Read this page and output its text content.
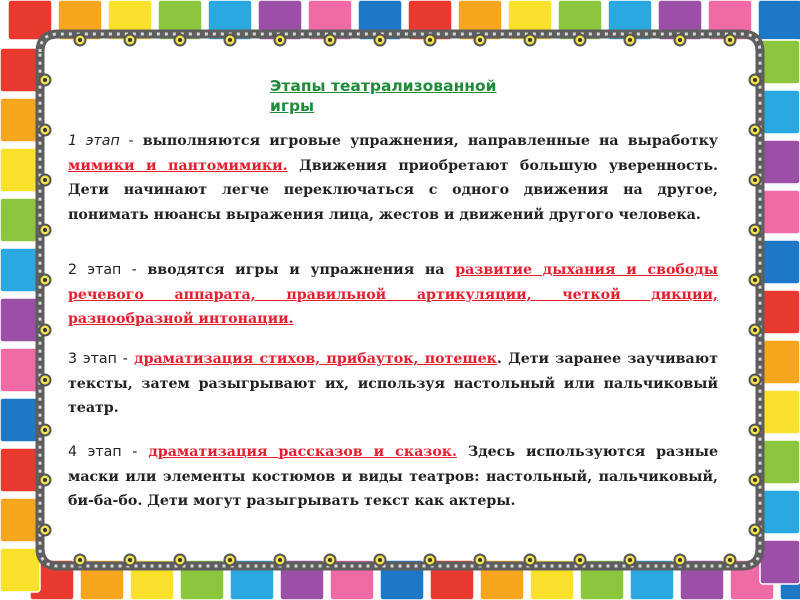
Этапы театрализованной игры

1 этап - выполняются игровые упражнения, направленные на выработку мимики и пантомимики. Движения приобретают большую уверенность. Дети начинают легче переключаться с одного движения на другое, понимать нюансы выражения лица, жестов и движений другого человека.

2 этап - вводятся игры и упражнения на развитие дыхания и свободы речевого аппарата, правильной артикуляции, четкой дикции, разнообразной интонации.

3 этап - драматизация стихов, прибауток, потешек. Дети заранее заучивают тексты, затем разыгрывают их, используя настольный или пальчиковый театр.

4 этап - драматизация рассказов и сказок. Здесь используются разные маски или элементы костюмов и виды театров: настольный, пальчиковый, би-ба-бо. Дети могут разыгрывать текст как актеры.
